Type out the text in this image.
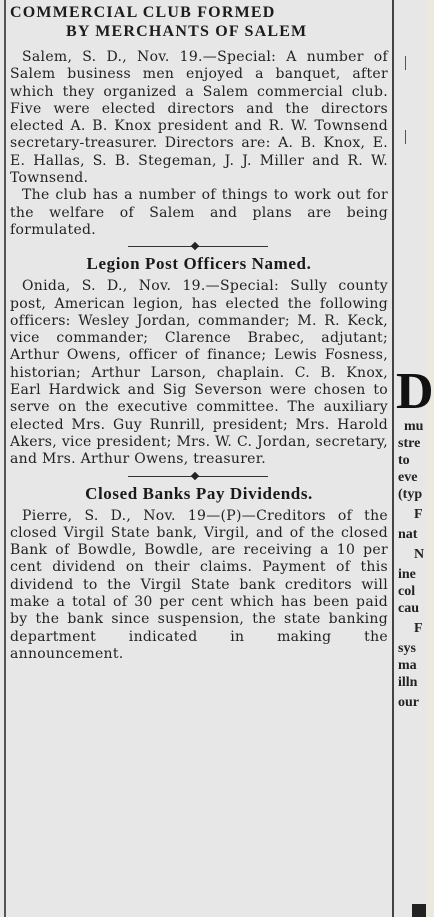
COMMERCIAL CLUB FORMED
BY MERCHANTS OF SALEM

Salem, S. D., Nov. 19.—Special: A number of Salem business men enjoyed a banquet, after which they organized a Salem commercial club. Five were elected directors and the directors elected A. B. Knox president and R. W. Townsend secretary-treasurer. Directors are: A. B. Knox, E. E. Hallas, S. B. Stegeman, J. J. Miller and R. W. Townsend.

The club has a number of things to work out for the welfare of Salem and plans are being formulated.

Legion Post Officers Named.

Onida, S. D., Nov. 19.—Special: Sully county post, American legion, has elected the following officers: Wesley Jordan, commander; M. R. Keck, vice commander; Clarence Brabec, adjutant; Arthur Owens, officer of finance; Lewis Fosness, historian; Arthur Larson, chaplain. C. B. Knox, Earl Hardwick and Sig Severson were chosen to serve on the executive committee. The auxiliary elected Mrs. Guy Runrill, president; Mrs. Harold Akers, vice president; Mrs. W. C. Jordan, secretary, and Mrs. Arthur Owens, treasurer.

Closed Banks Pay Dividends.

Pierre, S. D., Nov. 19—(P)—Creditors of the closed Virgil State bank, Virgil, and of the closed Bank of Bowdle, Bowdle, are receiving a 10 per cent dividend on their claims. Payment of this dividend to the Virgil State bank creditors will make a total of 30 per cent which has been paid by the bank since suspension, the state banking department indicated in making the announcement.

D
mu
stre
to
eve
(typ
F
nat
N
ine
col
cau
F
sys
ma
illn
our
